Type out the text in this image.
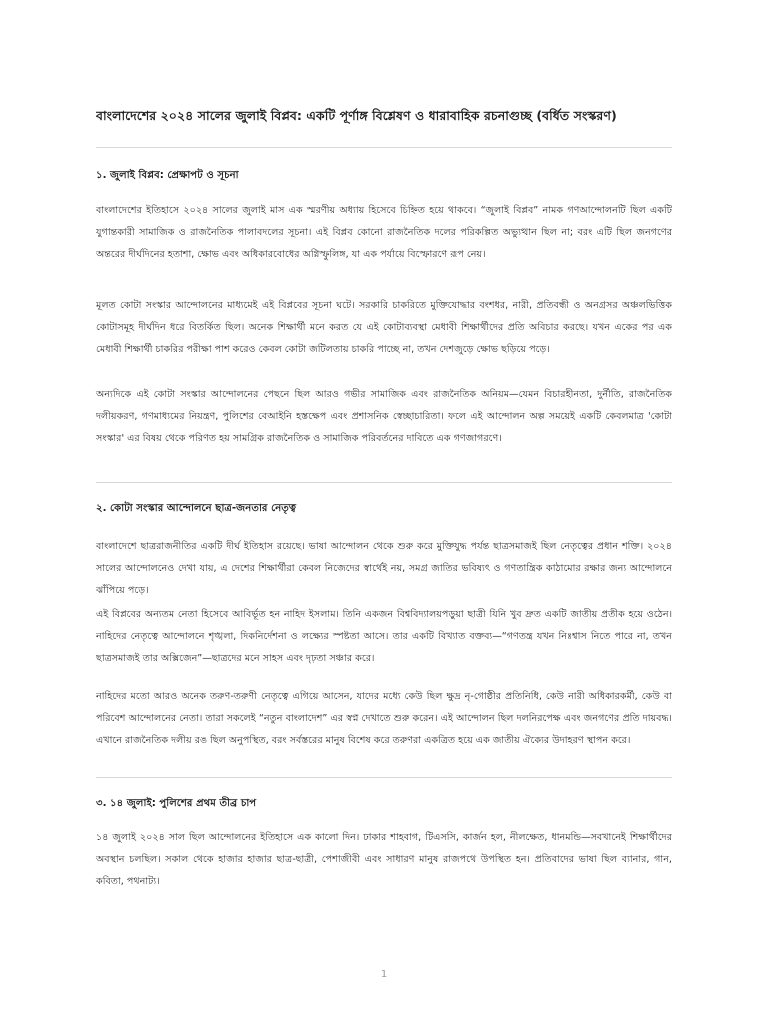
বাংলাদেশের ২০২৪ সালের জুলাই বিপ্লব: একটি পূর্ণাঙ্গ বিশ্লেষণ ও ধারাবাহিক রচনাগুচ্ছ (বর্ধিত সংস্করণ)
১. জুলাই বিপ্লব: প্রেক্ষাপট ও সূচনা

বাংলাদেশের ইতিহাসে ২০২৪ সালের জুলাই মাস এক স্মরণীয় অধ্যায় হিসেবে চিহ্নিত হয়ে থাকবে। “জুলাই বিপ্লব” নামক গণআন্দোলনটি ছিল একটি যুগান্তকারী সামাজিক ও রাজনৈতিক পালাবদলের সূচনা। এই বিপ্লব কোনো রাজনৈতিক দলের পরিকল্পিত অভ্যুত্থান ছিল না; বরং এটি ছিল জনগণের অন্তরের দীর্ঘদিনের হতাশা, ক্ষোভ এবং অধিকারবোধের অগ্নিস্ফুলিঙ্গ, যা এক পর্যায়ে বিস্ফোরণে রূপ নেয়।

মূলত কোটা সংস্কার আন্দোলনের মাধ্যমেই এই বিপ্লবের সূচনা ঘটে। সরকারি চাকরিতে মুক্তিযোদ্ধার বংশধর, নারী, প্রতিবন্ধী ও অনগ্রসর অঞ্চলভিত্তিক কোটাসমূহ দীর্ঘদিন ধরে বিতর্কিত ছিল। অনেক শিক্ষার্থী মনে করত যে এই কোটাব্যবস্থা মেধাবী শিক্ষার্থীদের প্রতি অবিচার করছে। যখন একের পর এক মেধাবী শিক্ষার্থী চাকরির পরীক্ষা পাশ করেও কেবল কোটা জটিলতায় চাকরি পাচ্ছে না, তখন দেশজুড়ে ক্ষোভ ছড়িয়ে পড়ে।

অন্যদিকে এই কোটা সংস্কার আন্দোলনের পেছনে ছিল আরও গভীর সামাজিক এবং রাজনৈতিক অনিয়ম—যেমন বিচারহীনতা, দুর্নীতি, রাজনৈতিক দলীয়করণ, গণমাধ্যমের নিয়ন্ত্রণ, পুলিশের বেআইনি হস্তক্ষেপ এবং প্রশাসনিক স্বেচ্ছাচারিতা। ফলে এই আন্দোলন অল্প সময়েই একটি কেবলমাত্র 'কোটা সংস্কার' এর বিষয় থেকে পরিণত হয় সামগ্রিক রাজনৈতিক ও সামাজিক পরিবর্তনের দাবিতে এক গণজাগরণে।

২. কোটা সংস্কার আন্দোলনে ছাত্র-জনতার নেতৃত্ব

বাংলাদেশে ছাত্ররাজনীতির একটি দীর্ঘ ইতিহাস রয়েছে। ভাষা আন্দোলন থেকে শুরু করে মুক্তিযুদ্ধ পর্যন্ত ছাত্রসমাজই ছিল নেতৃত্বের প্রধান শক্তি। ২০২৪ সালের আন্দোলনেও দেখা যায়, এ দেশের শিক্ষার্থীরা কেবল নিজেদের স্বার্থেই নয়, সমগ্র জাতির ভবিষ্যৎ ও গণতান্ত্রিক কাঠামোর রক্ষার জন্য আন্দোলনে ঝাঁপিয়ে পড়ে।

এই বিপ্লবের অন্যতম নেতা হিসেবে আবির্ভূত হন নাহিদ ইসলাম। তিনি একজন বিশ্ববিদ্যালয়পড়ুয়া ছাত্রী যিনি খুব দ্রুত একটি জাতীয় প্রতীক হয়ে ওঠেন। নাহিদের নেতৃত্বে আন্দোলনে শৃঙ্খলা, দিকনির্দেশনা ও লক্ষ্যের স্পষ্টতা আসে। তার একটি বিখ্যাত বক্তব্য—“গণতন্ত্র যখন নিঃশ্বাস নিতে পারে না, তখন ছাত্রসমাজই তার অক্সিজেন”—ছাত্রদের মনে সাহস এবং দৃঢ়তা সঞ্চার করে।

নাহিদের মতো আরও অনেক তরুণ-তরুণী নেতৃত্বে এগিয়ে আসেন, যাদের মধ্যে কেউ ছিল ক্ষুদ্র নৃ-গোষ্ঠীর প্রতিনিধি, কেউ নারী অধিকারকর্মী, কেউ বা পরিবেশ আন্দোলনের নেতা। তারা সকলেই “নতুন বাংলাদেশ” এর স্বপ্ন দেখাতে শুরু করেন। এই আন্দোলন ছিল দলনিরপেক্ষ এবং জনগণের প্রতি দায়বদ্ধ। এখানে রাজনৈতিক দলীয় রঙ ছিল অনুপস্থিত, বরং সর্বস্তরের মানুষ বিশেষ করে তরুণরা একত্রিত হয়ে এক জাতীয় ঐক্যের উদাহরণ স্থাপন করে।

৩. ১৪ জুলাই: পুলিশের প্রথম তীব্র চাপ

১৪ জুলাই ২০২৪ সাল ছিল আন্দোলনের ইতিহাসে এক কালো দিন। ঢাকার শাহবাগ, টিএসসি, কার্জন হল, নীলক্ষেত, ধানমন্ডি—সবখানেই শিক্ষার্থীদের অবস্থান চলছিল। সকাল থেকে হাজার হাজার ছাত্র-ছাত্রী, পেশাজীবী এবং সাধারণ মানুষ রাজপথে উপস্থিত হন। প্রতিবাদের ভাষা ছিল ব্যানার, গান, কবিতা, পথনাট্য।

1
